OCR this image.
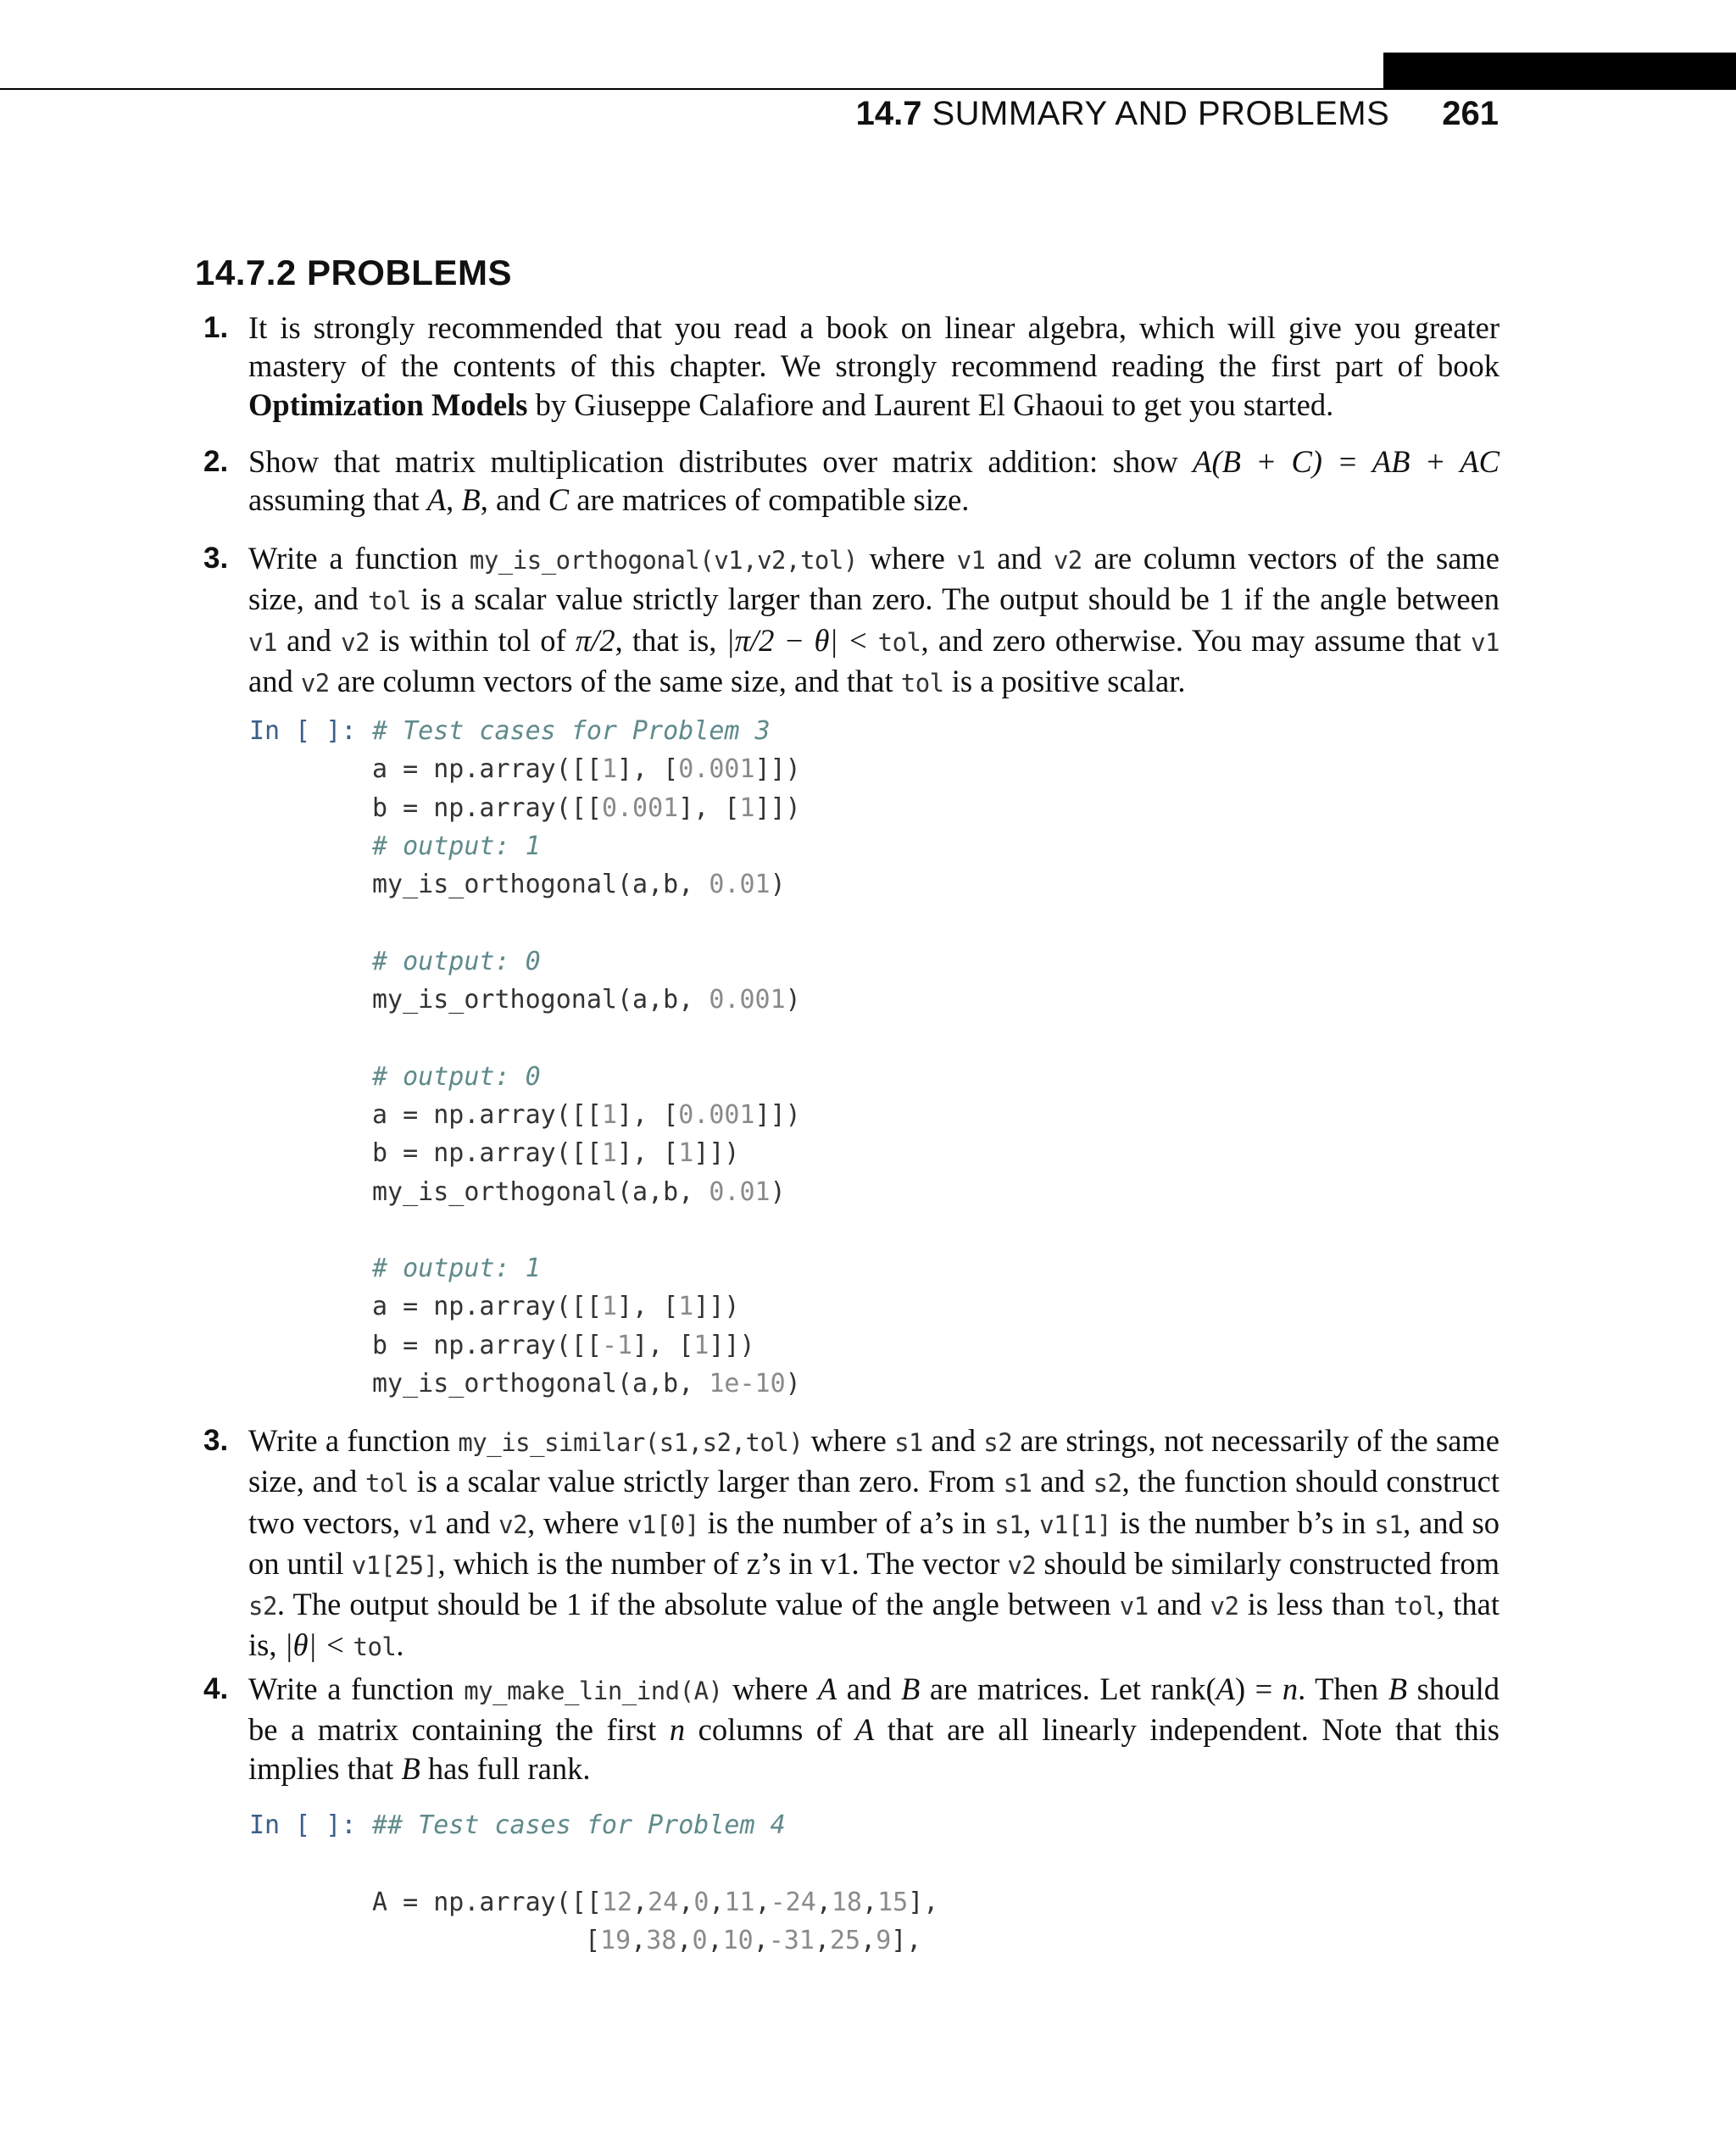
14.7 SUMMARY AND PROBLEMS 261
14.7.2 PROBLEMS
1. It is strongly recommended that you read a book on linear algebra, which will give you greater mastery of the contents of this chapter. We strongly recommend reading the first part of book Optimization Models by Giuseppe Calafiore and Laurent El Ghaoui to get you started.
2. Show that matrix multiplication distributes over matrix addition: show A(B + C) = AB + AC assuming that A, B, and C are matrices of compatible size.
3. Write a function my_is_orthogonal(v1,v2,tol) where v1 and v2 are column vectors of the same size, and tol is a scalar value strictly larger than zero. The output should be 1 if the angle between v1 and v2 is within tol of π/2, that is, |π/2 − θ| < tol, and zero otherwise. You may assume that v1 and v2 are column vectors of the same size, and that tol is a positive scalar.
In [ ]: # Test cases for Problem 3
a = np.array([[1], [0.001]])
b = np.array([[0.001], [1]])
# output: 1
my_is_orthogonal(a,b, 0.01)
# output: 0
my_is_orthogonal(a,b, 0.001)
# output: 0
a = np.array([[1], [0.001]])
b = np.array([[1], [1]])
my_is_orthogonal(a,b, 0.01)
# output: 1
a = np.array([[1], [1]])
b = np.array([[-1], [1]])
my_is_orthogonal(a,b, 1e-10)
3. Write a function my_is_similar(s1,s2,tol) where s1 and s2 are strings, not necessarily of the same size, and tol is a scalar value strictly larger than zero. From s1 and s2, the function should construct two vectors, v1 and v2, where v1[0] is the number of a’s in s1, v1[1] is the number b’s in s1, and so on until v1[25], which is the number of z’s in v1. The vector v2 should be similarly constructed from s2. The output should be 1 if the absolute value of the angle between v1 and v2 is less than tol, that is, |θ| < tol.
4. Write a function my_make_lin_ind(A) where A and B are matrices. Let rank(A) = n. Then B should be a matrix containing the first n columns of A that are all linearly independent. Note that this implies that B has full rank.
In [ ]: ## Test cases for Problem 4
A = np.array([[12,24,0,11,-24,18,15],
[19,38,0,10,-31,25,9],
